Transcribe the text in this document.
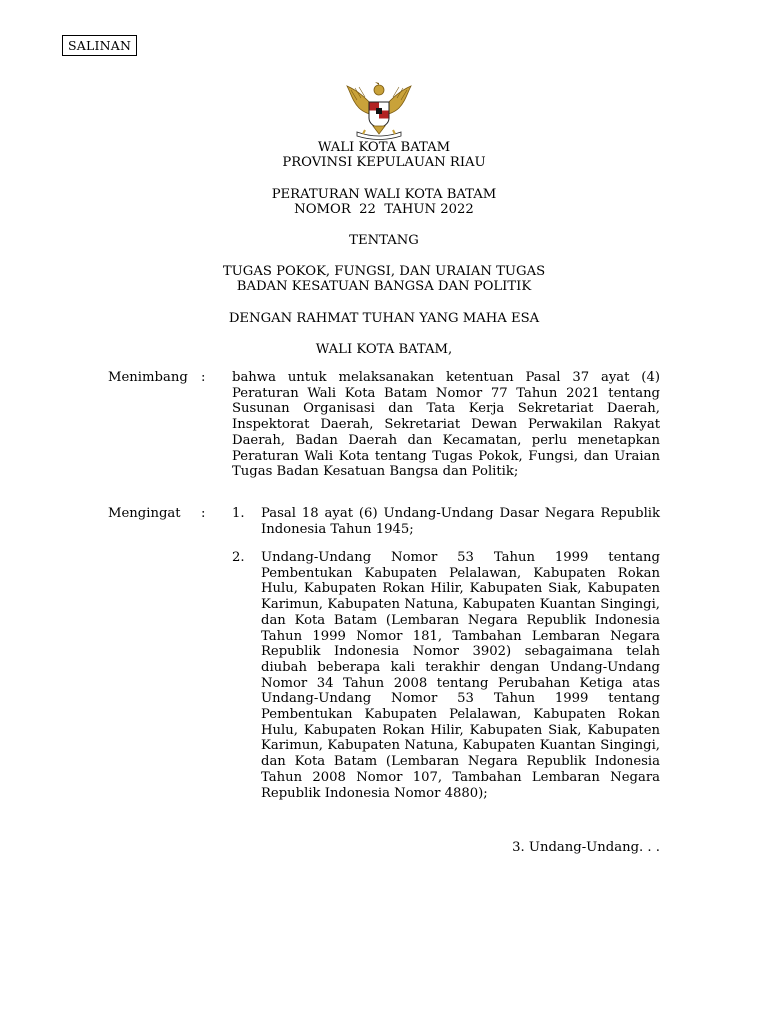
SALINAN
WALI KOTA BATAM
PROVINSI KEPULAUAN RIAU
PERATURAN WALI KOTA BATAM
NOMOR  22  TAHUN 2022
TENTANG
TUGAS POKOK, FUNGSI, DAN URAIAN TUGAS
BADAN KESATUAN BANGSA DAN POLITIK
DENGAN RAHMAT TUHAN YANG MAHA ESA
WALI KOTA BATAM,
Menimbang : bahwa untuk melaksanakan ketentuan Pasal 37 ayat (4) Peraturan Wali Kota Batam Nomor 77 Tahun 2021 tentang Susunan Organisasi dan Tata Kerja Sekretariat Daerah, Inspektorat Daerah, Sekretariat Dewan Perwakilan Rakyat Daerah, Badan Daerah dan Kecamatan, perlu menetapkan Peraturan Wali Kota tentang Tugas Pokok, Fungsi, dan Uraian Tugas Badan Kesatuan Bangsa dan Politik;

Mengingat : 1. Pasal 18 ayat (6) Undang-Undang Dasar Negara Republik Indonesia Tahun 1945;

2. Undang-Undang Nomor 53 Tahun 1999 tentang Pembentukan Kabupaten Pelalawan, Kabupaten Rokan Hulu, Kabupaten Rokan Hilir, Kabupaten Siak, Kabupaten Karimun, Kabupaten Natuna, Kabupaten Kuantan Singingi, dan Kota Batam (Lembaran Negara Republik Indonesia Tahun 1999 Nomor 181, Tambahan Lembaran Negara Republik Indonesia Nomor 3902) sebagaimana telah diubah beberapa kali terakhir dengan Undang-Undang Nomor 34 Tahun 2008 tentang Perubahan Ketiga atas Undang-Undang Nomor 53 Tahun 1999 tentang Pembentukan Kabupaten Pelalawan, Kabupaten Rokan Hulu, Kabupaten Rokan Hilir, Kabupaten Siak, Kabupaten Karimun, Kabupaten Natuna, Kabupaten Kuantan Singingi, dan Kota Batam (Lembaran Negara Republik Indonesia Tahun 2008 Nomor 107, Tambahan Lembaran Negara Republik Indonesia Nomor 4880);

3. Undang-Undang. . .
